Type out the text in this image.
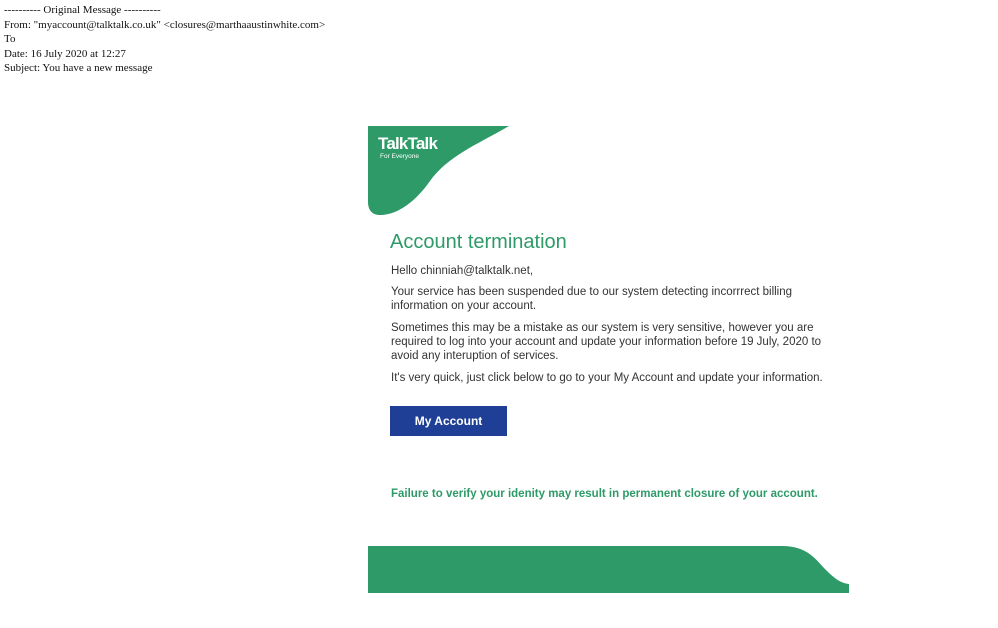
---------- Original Message ----------
From: "myaccount@talktalk.co.uk" <closures@marthaaustinwhite.com>
To
Date: 16 July 2020 at 12:27
Subject: You have a new message
TalkTalk
For Everyone
Account termination

Hello chinniah@talktalk.net,

Your service has been suspended due to our system detecting incorrrect billing information on your account.

Sometimes this may be a mistake as our system is very sensitive, however you are required to log into your account and update your information before 19 July, 2020 to avoid any interuption of services.

It's very quick, just click below to go to your My Account and update your information.

My Account

Failure to verify your idenity may result in permanent closure of your account.
